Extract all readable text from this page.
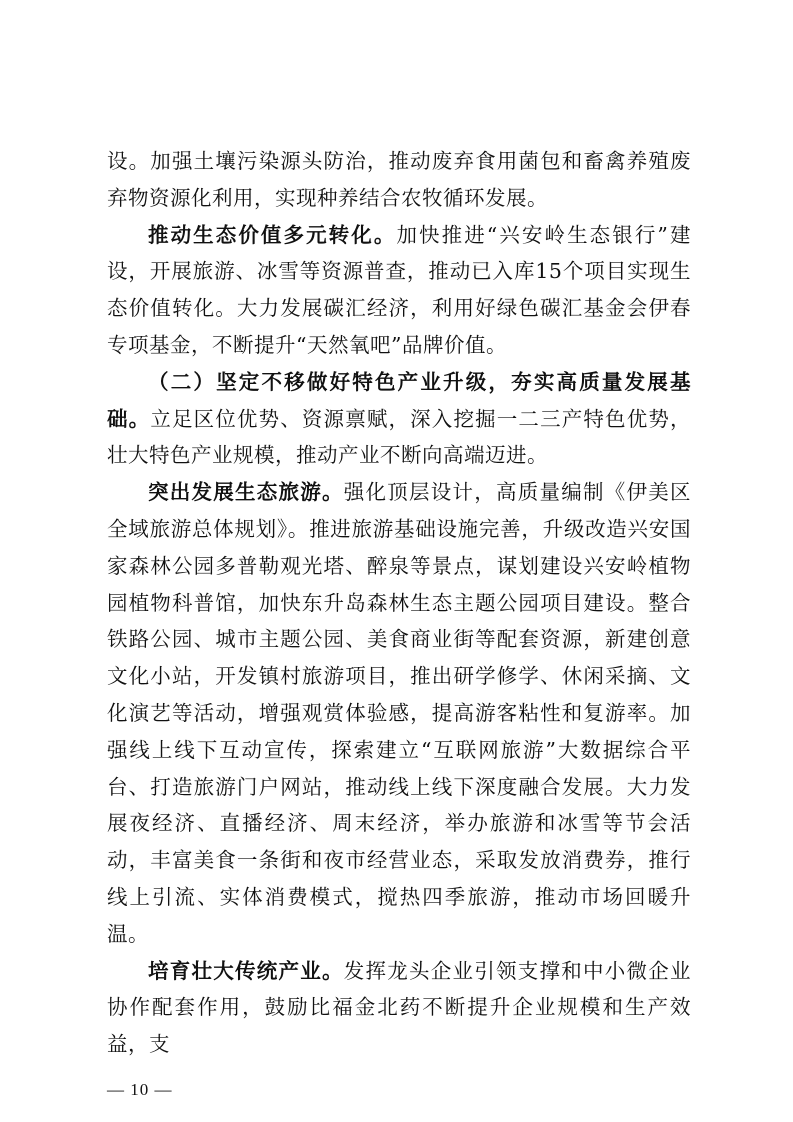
设。加强土壤污染源头防治，推动废弃食用菌包和畜禽养殖废弃物资源化利用，实现种养结合农牧循环发展。

推动生态价值多元转化。加快推进“兴安岭生态银行”建设，开展旅游、冰雪等资源普查，推动已入库15个项目实现生态价值转化。大力发展碳汇经济，利用好绿色碳汇基金会伊春专项基金，不断提升“天然氧吧”品牌价值。

（二）坚定不移做好特色产业升级，夯实高质量发展基础。立足区位优势、资源禀赋，深入挖掘一二三产特色优势，壮大特色产业规模，推动产业不断向高端迈进。

突出发展生态旅游。强化顶层设计，高质量编制《伊美区全域旅游总体规划》。推进旅游基础设施完善，升级改造兴安国家森林公园多普勒观光塔、醉泉等景点，谋划建设兴安岭植物园植物科普馆，加快东升岛森林生态主题公园项目建设。整合铁路公园、城市主题公园、美食商业街等配套资源，新建创意文化小站，开发镇村旅游项目，推出研学修学、休闲采摘、文化演艺等活动，增强观赏体验感，提高游客粘性和复游率。加强线上线下互动宣传，探索建立“互联网旅游”大数据综合平台、打造旅游门户网站，推动线上线下深度融合发展。大力发展夜经济、直播经济、周末经济，举办旅游和冰雪等节会活动，丰富美食一条街和夜市经营业态，采取发放消费券，推行线上引流、实体消费模式，搅热四季旅游，推动市场回暖升温。

培育壮大传统产业。发挥龙头企业引领支撑和中小微企业协作配套作用，鼓励比福金北药不断提升企业规模和生产效益，支

— 10 —
